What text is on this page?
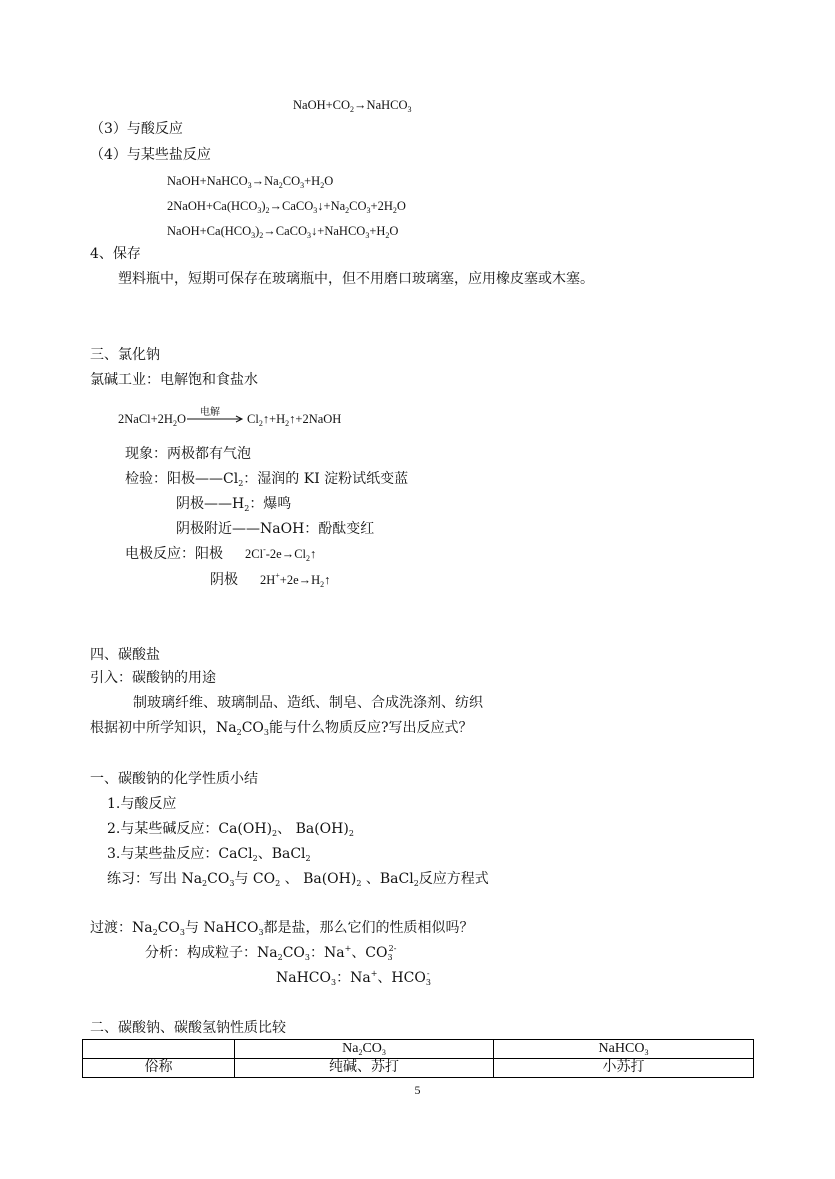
$NaOH+CO_2\to NaHCO_3$
（3）与酸反应
（4）与某些盐反应
$NaOH+NaHCO_3\to Na_2CO_3+H_2O$
$2NaOH+Ca(HCO_3)_2\to CaCO_3↓+Na_2CO_3+2H_2O$
$NaOH+Ca(HCO_3)_2\to CaCO_3↓+NaHCO_3+H_2O$
4、保存
塑料瓶中，短期可保存在玻璃瓶中，但不用磨口玻璃塞，应用橡皮塞或木塞。
三、氯化钠
氯碱工业：电解饱和食盐水
$2NaCl+2H_2O$ 电解 → $Cl_2↑+H_2↑+2NaOH$
现象：两极都有气泡
检验：阳极$——Cl_2$：湿润的 KI 淀粉试纸变蓝
阴极$——H_2$：爆鸣
阴极附近——NaOH：酚酞变红
电极反应：阳极 $2Cl^--2e\to Cl_2↑$
阴极 $2H^++2e\to H_2↑$
四、碳酸盐
引入：碳酸钠的用途
制玻璃纤维、玻璃制品、造纸、制皂、合成洗涤剂、纺织
根据初中所学知识，$Na_2CO_3$能与什么物质反应?写出反应式？
一、碳酸钠的化学性质小结
1.与酸反应
2.与某些碱反应：$Ca(OH)_2$、 $Ba(OH)_2$
3.与某些盐反应：CaCl$_2$、BaCl$_2$
练习：写出 $Na_2CO_3$与 $CO_2$ 、 $Ba(OH)_2$ 、BaCl$_2$反应方程式
过渡：$Na_2CO_3$与 NaHCO$_3$都是盐，那么它们的性质相似吗？
分析：构成粒子：$Na_2CO_3$：Na+、$CO_3^{2-}$
NaHCO$_3$：Na+、$HCO_3^-$
二、碳酸钠、碳酸氢钠性质比较
	$Na_2CO_3$	NaHCO$_3$
俗称	纯碱、苏打	小苏打
5
